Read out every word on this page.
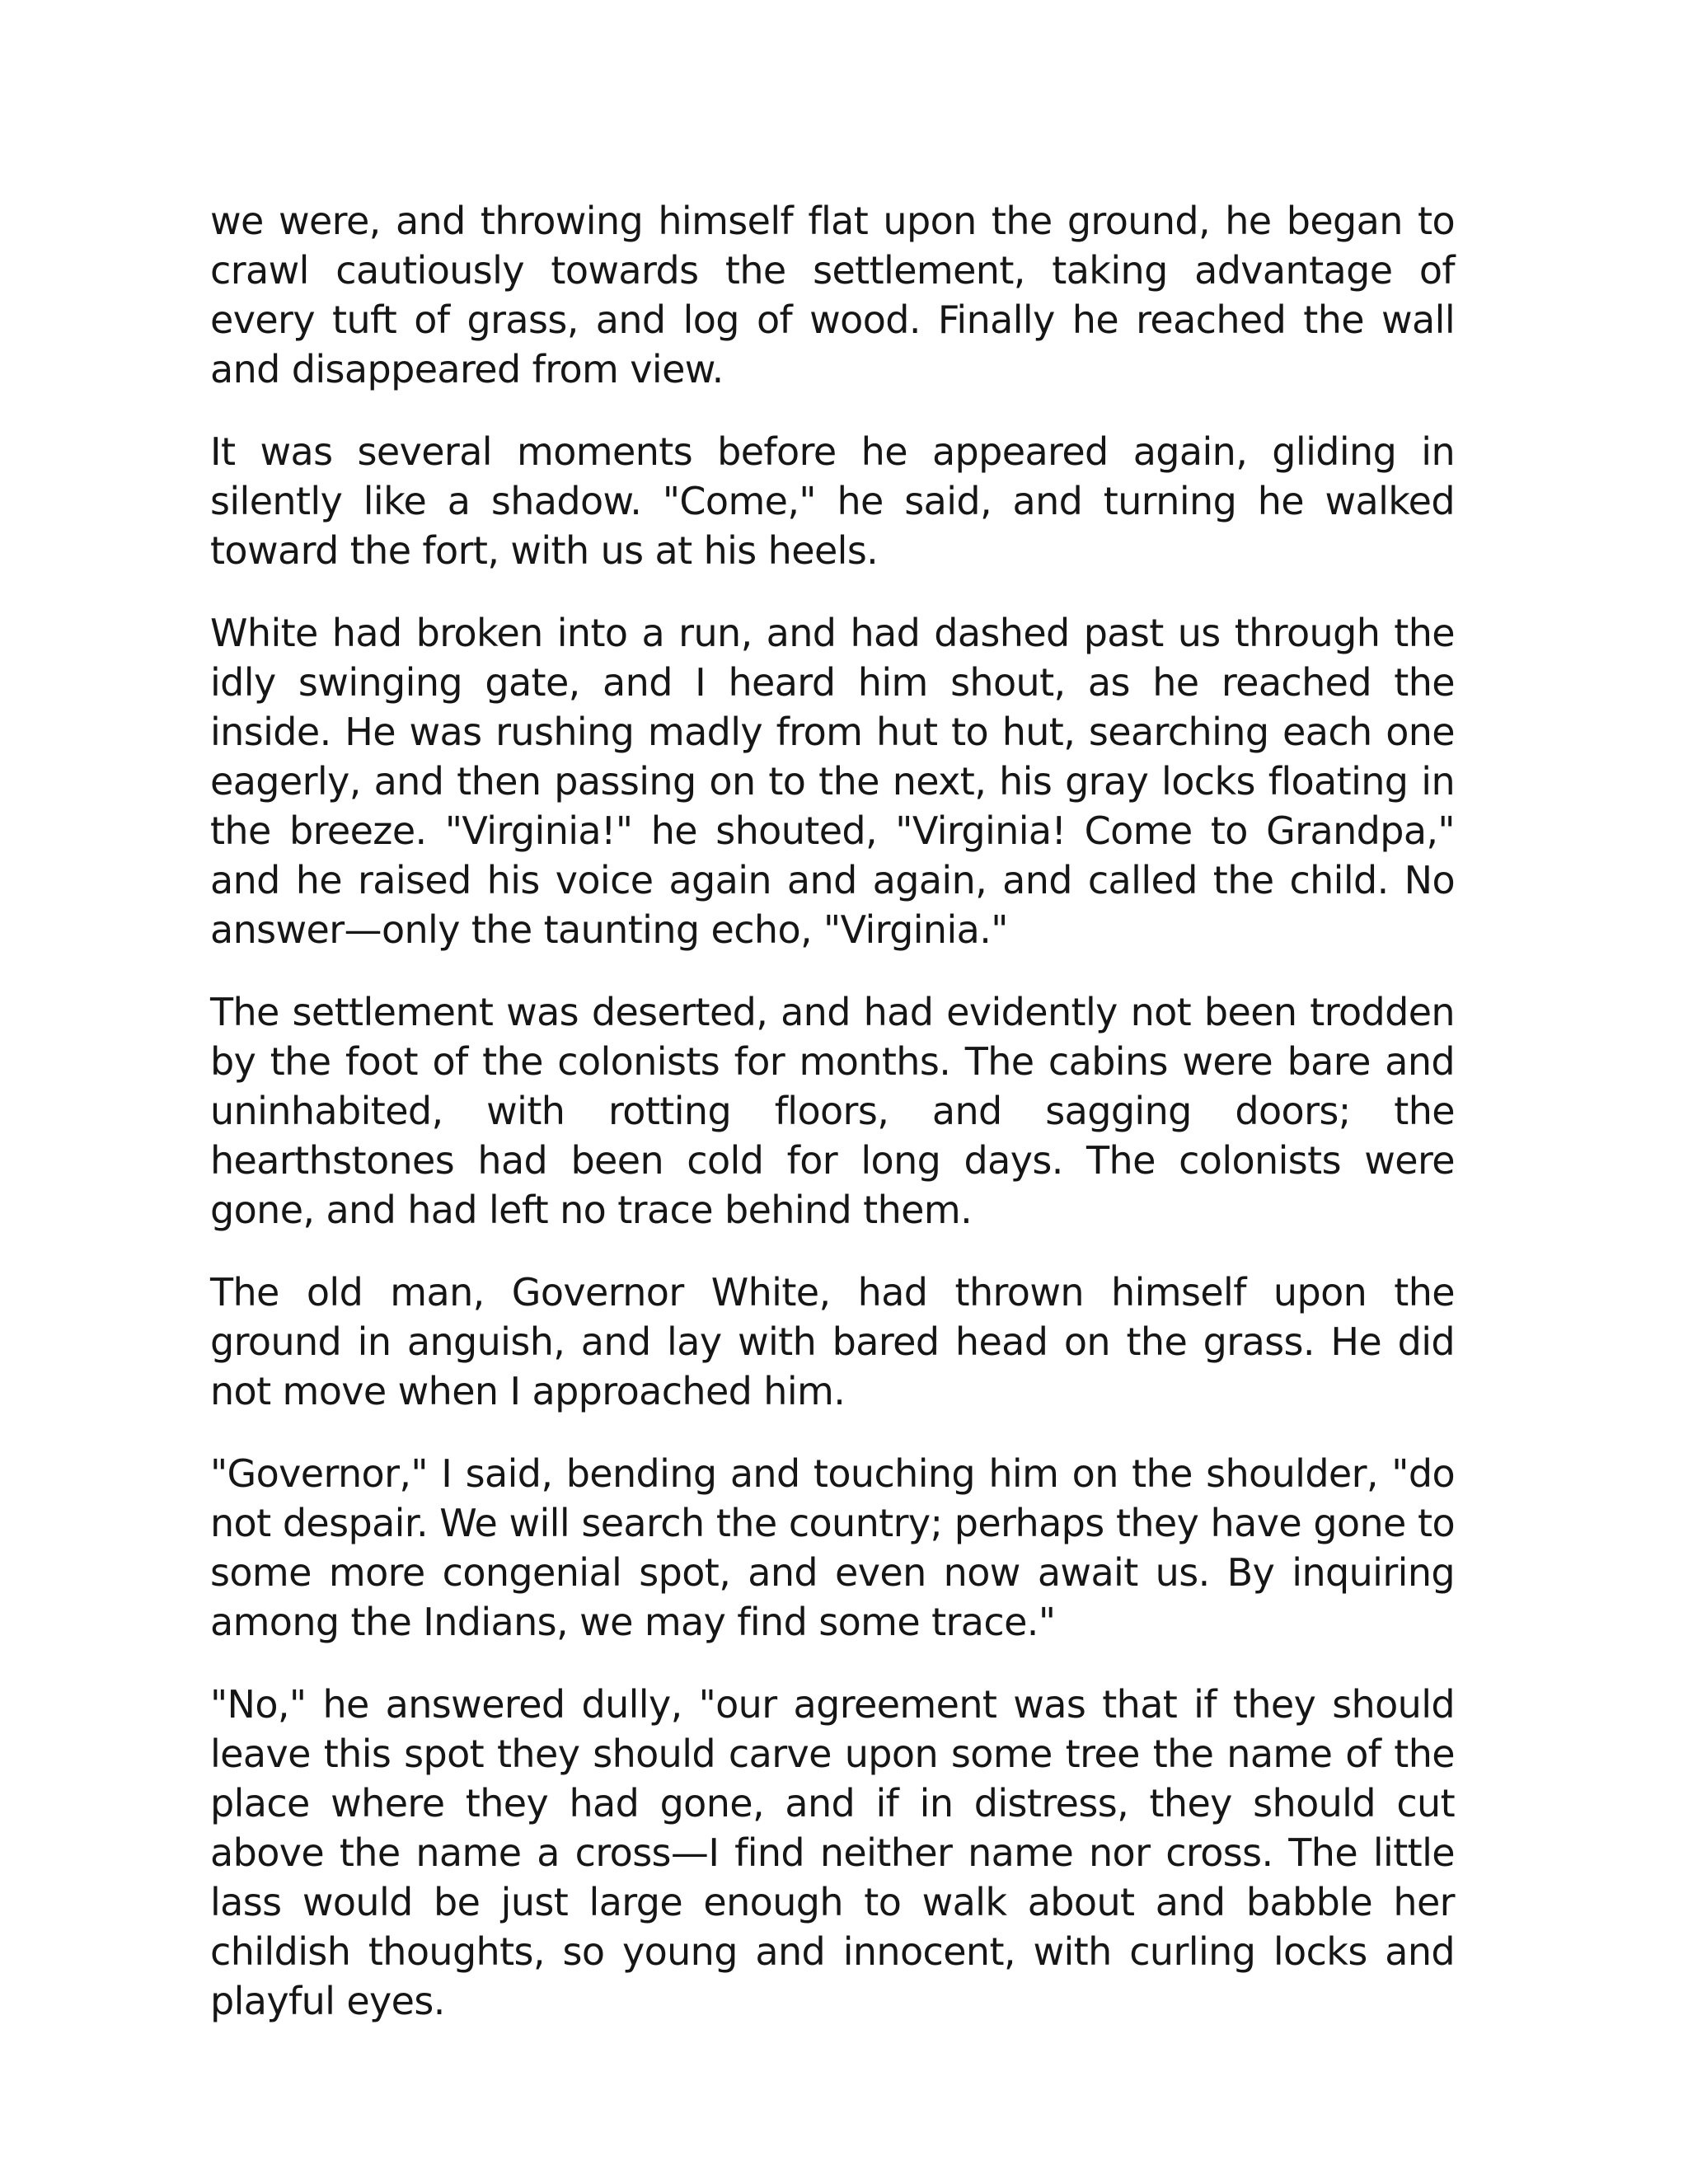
we were, and throwing himself flat upon the ground, he began to crawl cautiously towards the settlement, taking advantage of every tuft of grass, and log of wood. Finally he reached the wall and disappeared from view.

It was several moments before he appeared again, gliding in silently like a shadow. "Come," he said, and turning he walked toward the fort, with us at his heels.

White had broken into a run, and had dashed past us through the idly swinging gate, and I heard him shout, as he reached the inside. He was rushing madly from hut to hut, searching each one eagerly, and then passing on to the next, his gray locks floating in the breeze. "Virginia!" he shouted, "Virginia! Come to Grandpa," and he raised his voice again and again, and called the child. No answer—only the taunting echo, "Virginia."

The settlement was deserted, and had evidently not been trodden by the foot of the colonists for months. The cabins were bare and uninhabited, with rotting floors, and sagging doors; the hearthstones had been cold for long days. The colonists were gone, and had left no trace behind them.

The old man, Governor White, had thrown himself upon the ground in anguish, and lay with bared head on the grass. He did not move when I approached him.

"Governor," I said, bending and touching him on the shoulder, "do not despair. We will search the country; perhaps they have gone to some more congenial spot, and even now await us. By inquiring among the Indians, we may find some trace."

"No," he answered dully, "our agreement was that if they should leave this spot they should carve upon some tree the name of the place where they had gone, and if in distress, they should cut above the name a cross—I find neither name nor cross. The little lass would be just large enough to walk about and babble her childish thoughts, so young and innocent, with curling locks and playful eyes.
